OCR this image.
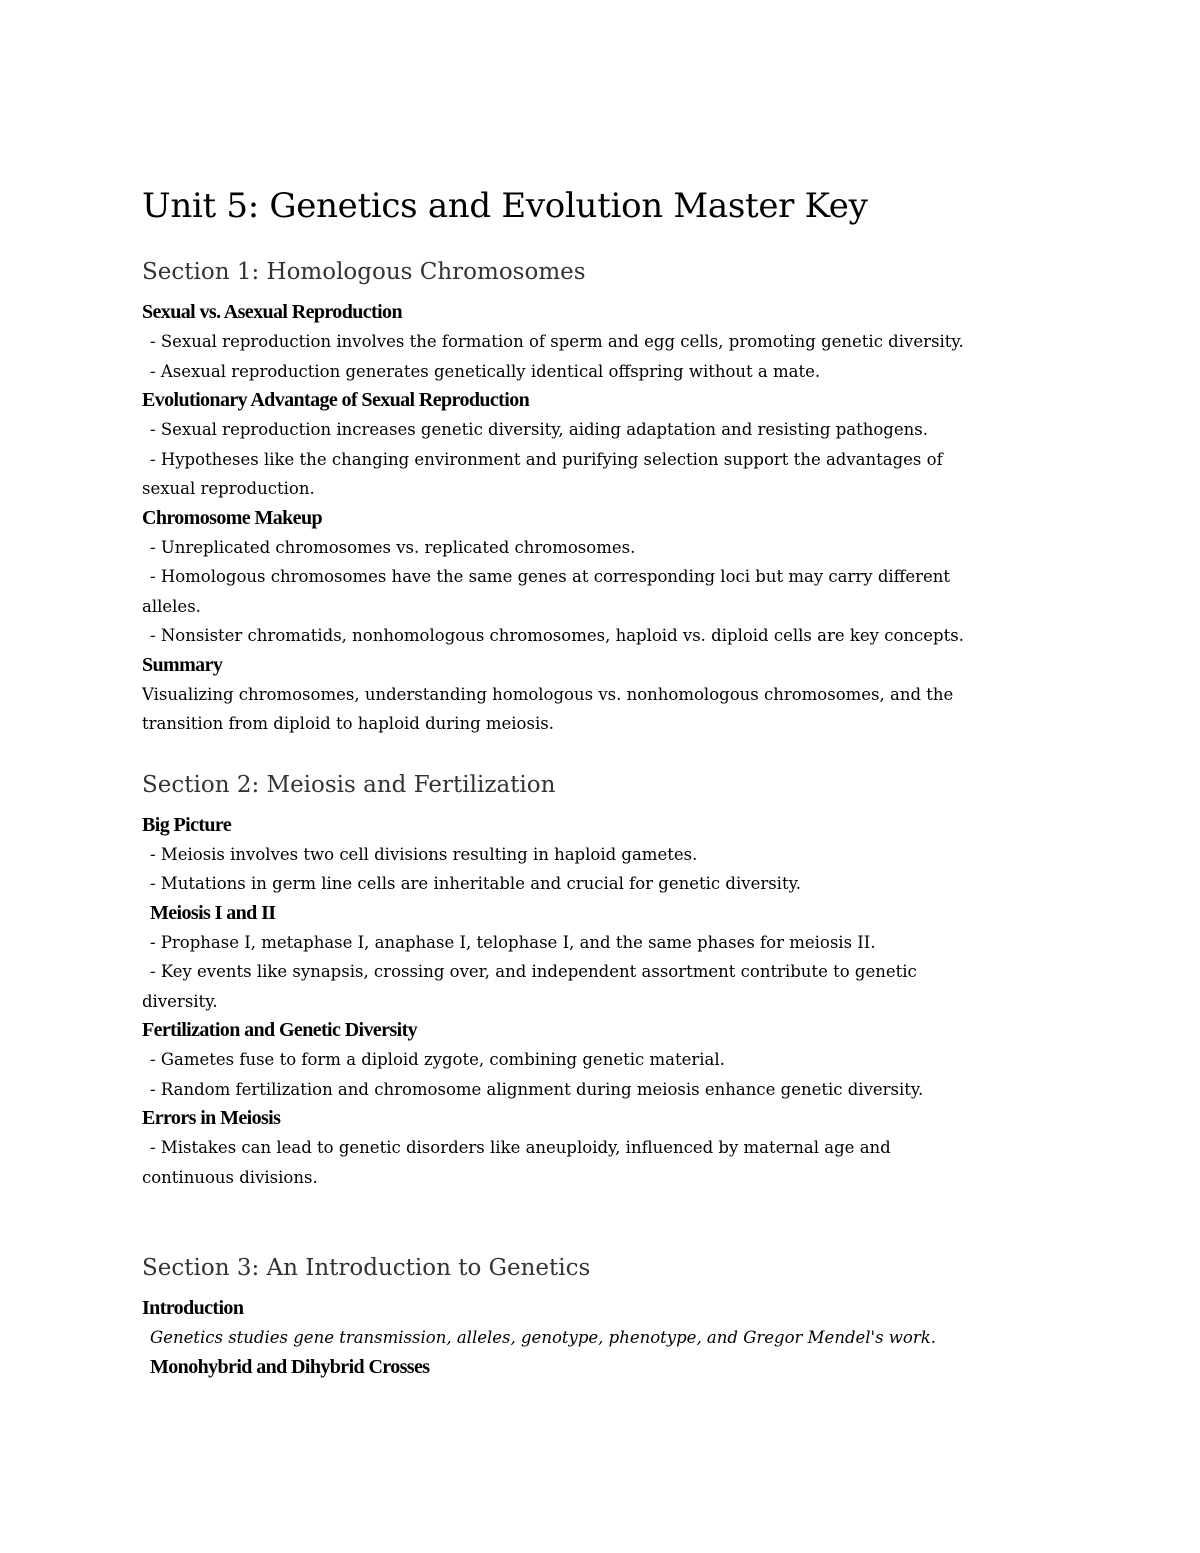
Unit 5: Genetics and Evolution Master Key
Section 1: Homologous Chromosomes
Sexual vs. Asexual Reproduction

- Sexual reproduction involves the formation of sperm and egg cells, promoting genetic diversity.

- Asexual reproduction generates genetically identical offspring without a mate.

Evolutionary Advantage of Sexual Reproduction

- Sexual reproduction increases genetic diversity, aiding adaptation and resisting pathogens.

- Hypotheses like the changing environment and purifying selection support the advantages of

sexual reproduction.

Chromosome Makeup

- Unreplicated chromosomes vs. replicated chromosomes.

- Homologous chromosomes have the same genes at corresponding loci but may carry different

alleles.

- Nonsister chromatids, nonhomologous chromosomes, haploid vs. diploid cells are key concepts.

Summary

Visualizing chromosomes, understanding homologous vs. nonhomologous chromosomes, and the

transition from diploid to haploid during meiosis.

Section 2: Meiosis and Fertilization
Big Picture

- Meiosis involves two cell divisions resulting in haploid gametes.

- Mutations in germ line cells are inheritable and crucial for genetic diversity.

Meiosis I and II

- Prophase I, metaphase I, anaphase I, telophase I, and the same phases for meiosis II.

- Key events like synapsis, crossing over, and independent assortment contribute to genetic

diversity.

Fertilization and Genetic Diversity

- Gametes fuse to form a diploid zygote, combining genetic material.

- Random fertilization and chromosome alignment during meiosis enhance genetic diversity.

Errors in Meiosis

- Mistakes can lead to genetic disorders like aneuploidy, influenced by maternal age and

continuous divisions.

Section 3: An Introduction to Genetics
Introduction

Genetics studies gene transmission, alleles, genotype, phenotype, and Gregor Mendel's work.

Monohybrid and Dihybrid Crosses
